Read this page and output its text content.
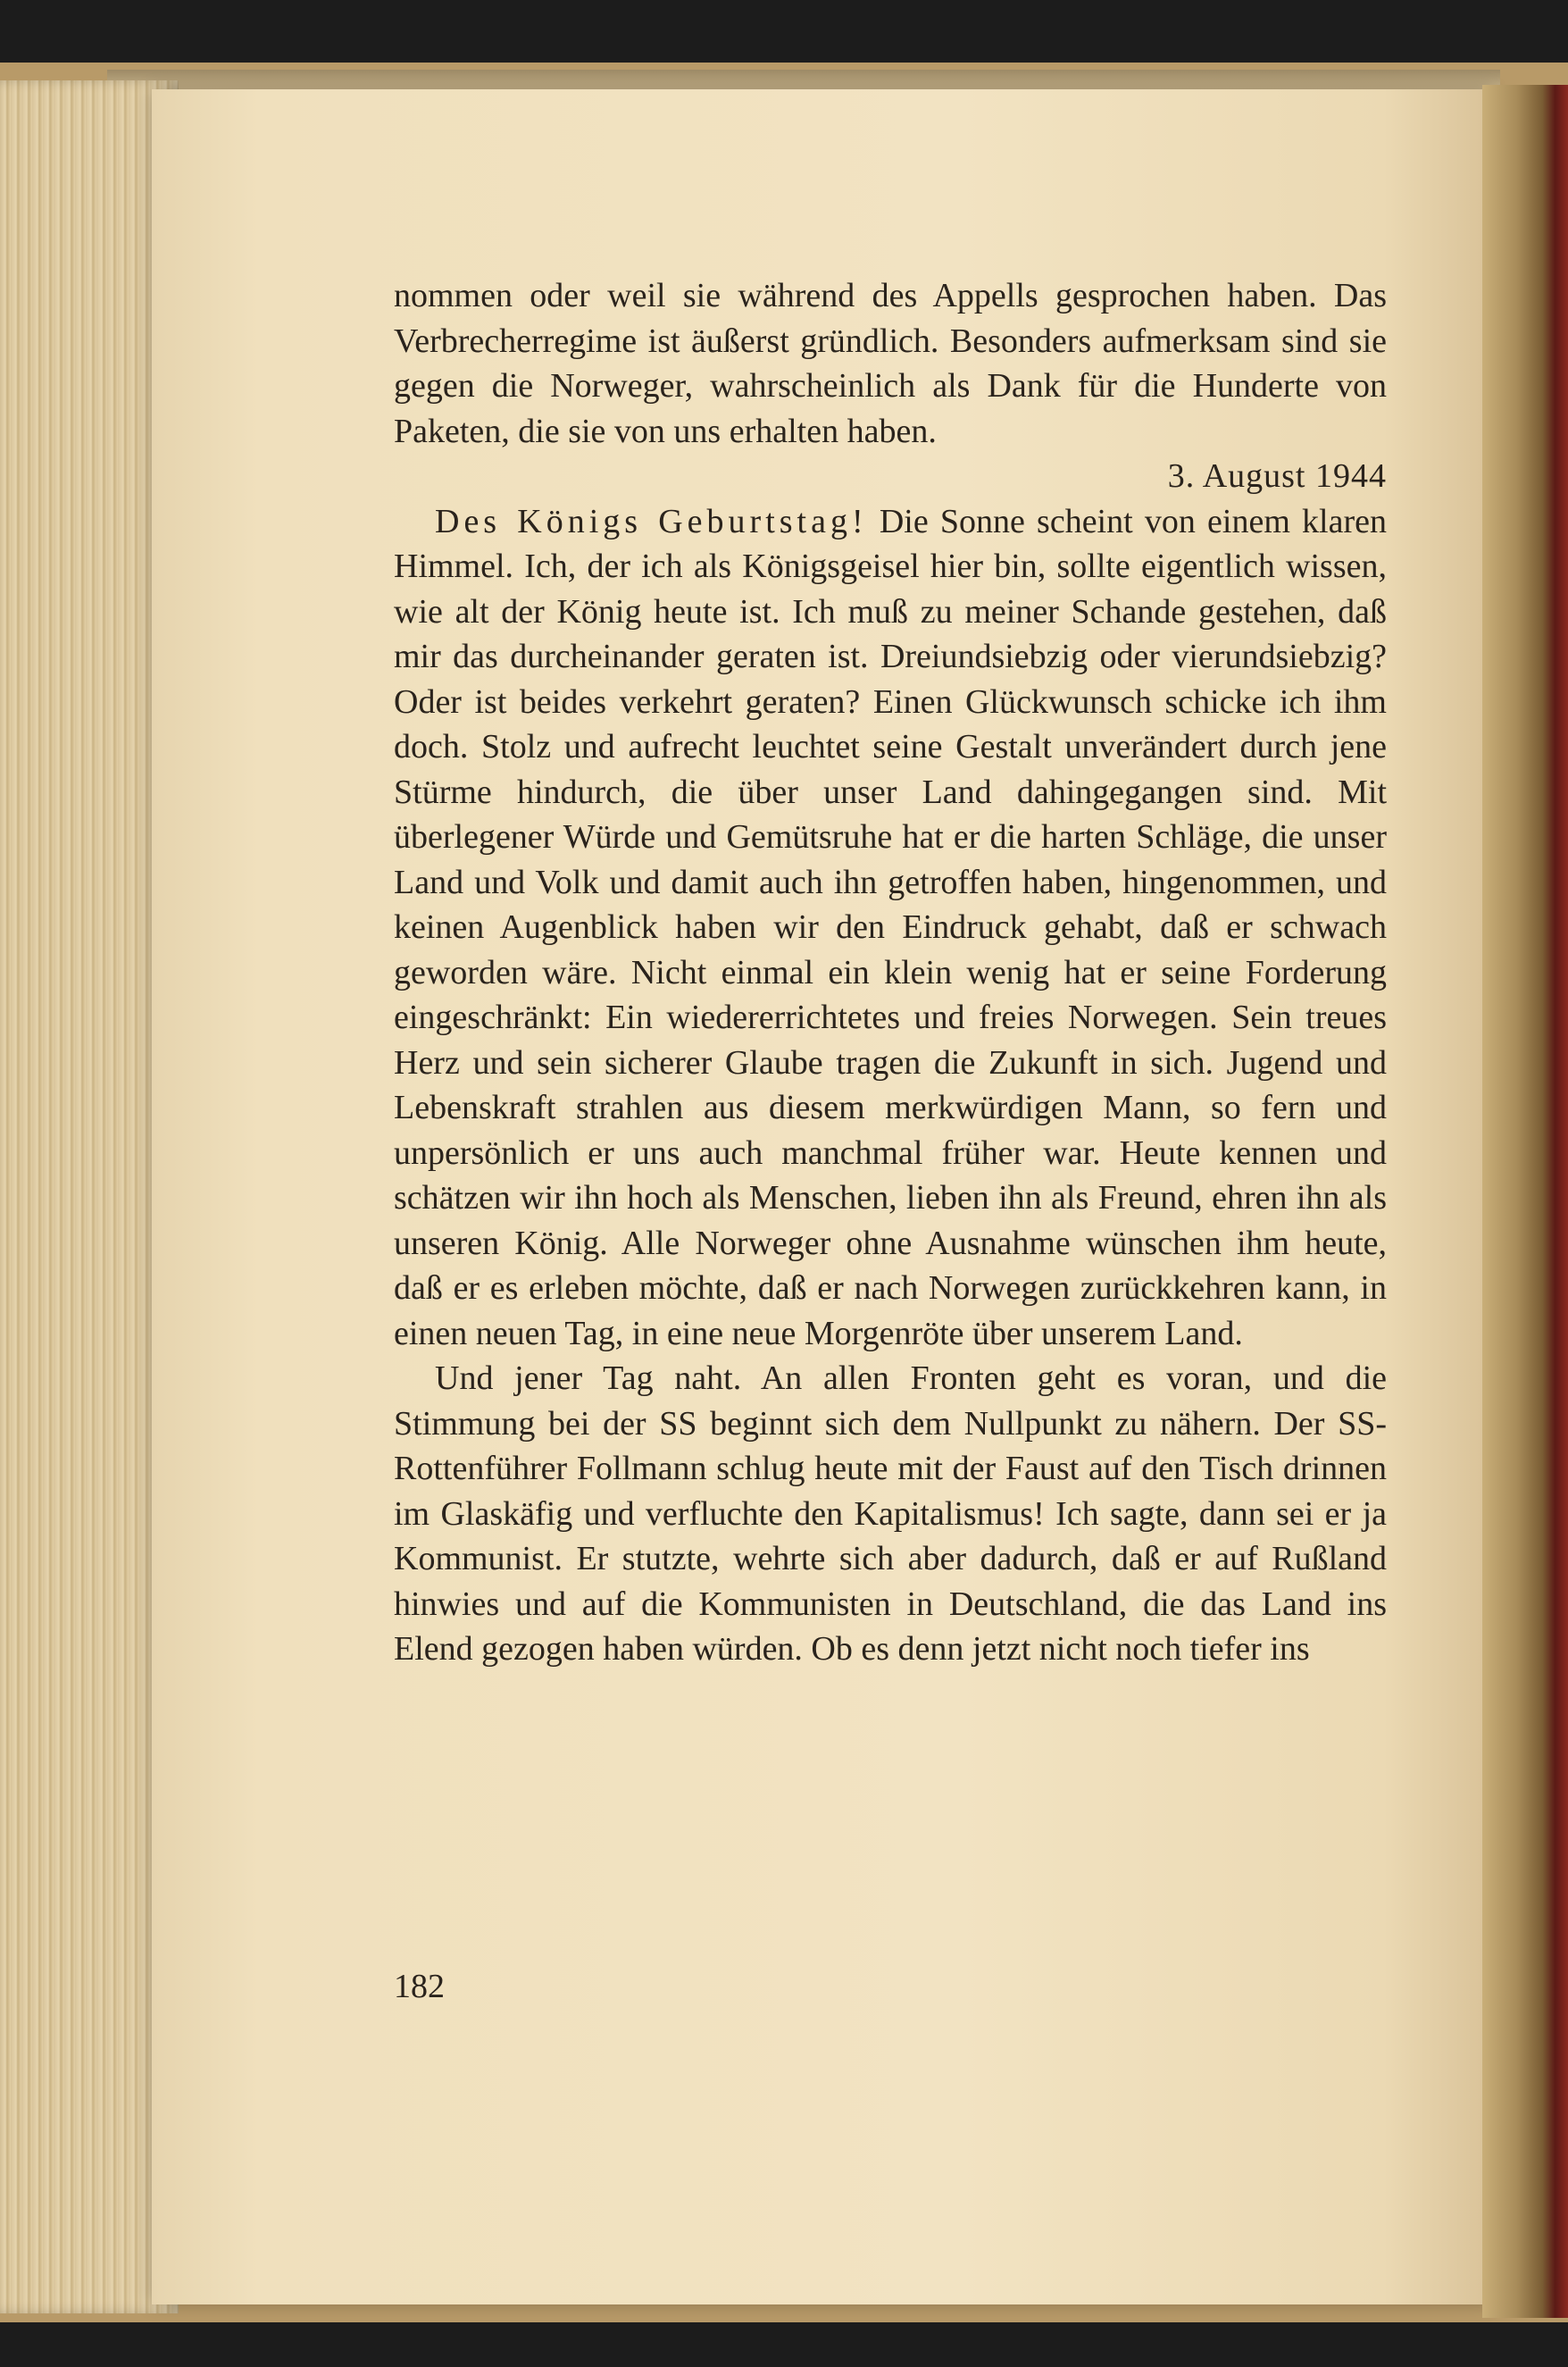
nommen oder weil sie während des Appells gesprochen haben. Das Verbrecherregime ist äußerst gründlich. Besonders aufmerksam sind sie gegen die Norweger, wahrscheinlich als Dank für die Hunderte von Paketen, die sie von uns erhalten haben.

3. August 1944

Des Königs Geburtstag! Die Sonne scheint von einem klaren Himmel. Ich, der ich als Königsgeisel hier bin, sollte eigentlich wissen, wie alt der König heute ist. Ich muß zu meiner Schande gestehen, daß mir das durcheinander geraten ist. Dreiundsiebzig oder vierundsiebzig? Oder ist beides verkehrt geraten? Einen Glückwunsch schicke ich ihm doch. Stolz und aufrecht leuchtet seine Gestalt unverändert durch jene Stürme hindurch, die über unser Land dahingegangen sind. Mit überlegener Würde und Gemütsruhe hat er die harten Schläge, die unser Land und Volk und damit auch ihn getroffen haben, hingenommen, und keinen Augenblick haben wir den Eindruck gehabt, daß er schwach geworden wäre. Nicht einmal ein klein wenig hat er seine Forderung eingeschränkt: Ein wiedererrichtetes und freies Norwegen. Sein treues Herz und sein sicherer Glaube tragen die Zukunft in sich. Jugend und Lebenskraft strahlen aus diesem merkwürdigen Mann, so fern und unpersönlich er uns auch manchmal früher war. Heute kennen und schätzen wir ihn hoch als Menschen, lieben ihn als Freund, ehren ihn als unseren König. Alle Norweger ohne Ausnahme wünschen ihm heute, daß er es erleben möchte, daß er nach Norwegen zurückkehren kann, in einen neuen Tag, in eine neue Morgenröte über unserem Land.

Und jener Tag naht. An allen Fronten geht es voran, und die Stimmung bei der SS beginnt sich dem Nullpunkt zu nähern. Der SS-Rottenführer Follmann schlug heute mit der Faust auf den Tisch drinnen im Glaskäfig und verfluchte den Kapitalismus! Ich sagte, dann sei er ja Kommunist. Er stutzte, wehrte sich aber dadurch, daß er auf Rußland hinwies und auf die Kommunisten in Deutschland, die das Land ins Elend gezogen haben würden. Ob es denn jetzt nicht noch tiefer ins

182
